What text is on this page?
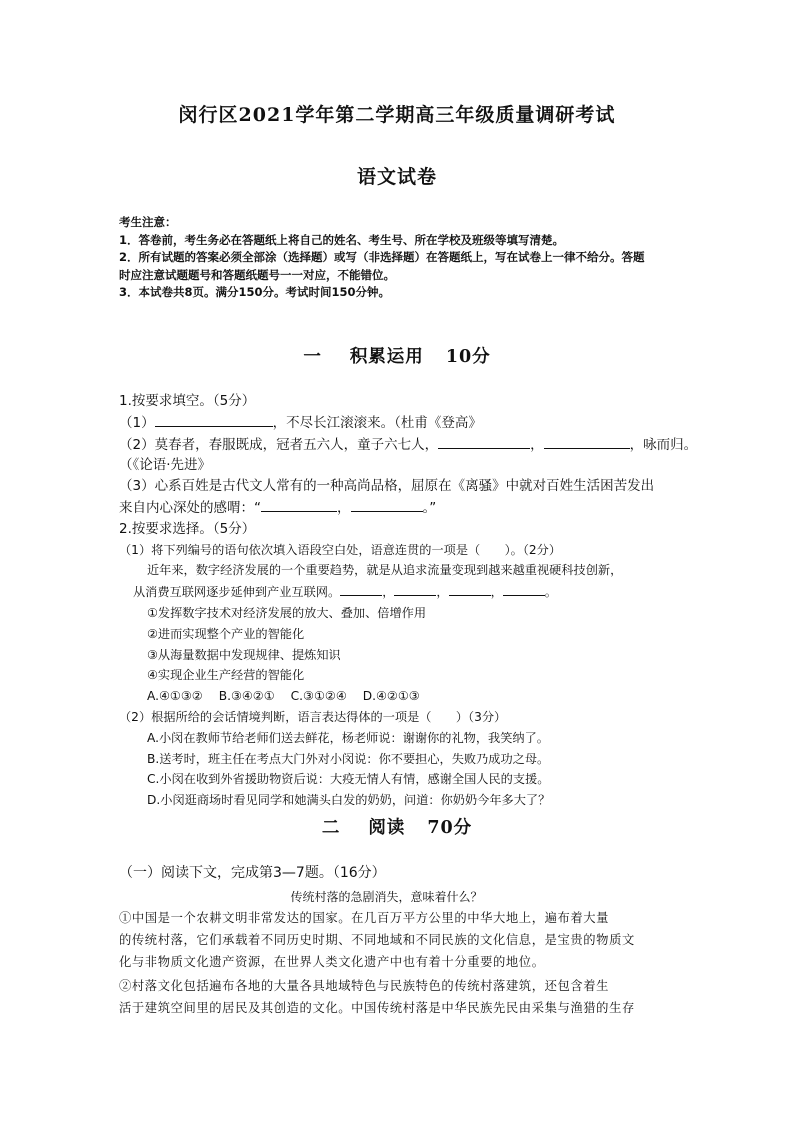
闵行区2021学年第二学期高三年级质量调研考试
语文试卷
考生注意：
1．答卷前，考生务必在答题纸上将自己的姓名、考生号、所在学校及班级等填写清楚。
2．所有试题的答案必须全部涂（选择题）或写（非选择题）在答题纸上，写在试卷上一律不给分。答题
时应注意试题题号和答题纸题号一一对应，不能错位。
3．本试卷共8页。满分150分。考试时间150分钟。
一 积累运用 10分
1.按要求填空。（5分）
（1）	，不尽长江滚滚来。（杜甫《登高》
（2）莫春者，春服既成，冠者五六人，童子六七人，	，	，咏而归。
（《论语·先进》
（3）心系百姓是古代文人常有的一种高尚品格，屈原在《离骚》中就对百姓生活困苦发出
来自内心深处的感喟：“	，	。”
2.按要求选择。（5分）
（1）将下列编号的语句依次填入语段空白处，语意连贯的一项是（　　）。（2分）
近年来，数字经济发展的一个重要趋势，就是从追求流量变现到越来越重视硬科技创新，
从消费互联网逐步延伸到产业互联网。	，	，	，	。
①发挥数字技术对经济发展的放大、叠加、倍增作用
②进而实现整个产业的智能化
③从海量数据中发现规律、提炼知识
④实现企业生产经营的智能化
A.④①③② B.③④②① C.③①②④ D.④②①③
（2）根据所给的会话情境判断，语言表达得体的一项是（　　）（3分）
A.小闵在教师节给老师们送去鲜花，杨老师说：谢谢你的礼物，我笑纳了。
B.送考时，班主任在考点大门外对小闵说：你不要担心，失败乃成功之母。
C.小闵在收到外省援助物资后说：大疫无情人有情，感谢全国人民的支援。
D.小闵逛商场时看见同学和她满头白发的奶奶，问道：你奶奶今年多大了？
二 阅读 70分
（一）阅读下文，完成第3—7题。（16分）
传统村落的急剧消失，意味着什么？
①中国是一个农耕文明非常发达的国家。在几百万平方公里的中华大地上，遍布着大量
的传统村落，它们承载着不同历史时期、不同地域和不同民族的文化信息，是宝贵的物质文
化与非物质文化遗产资源，在世界人类文化遗产中也有着十分重要的地位。
②村落文化包括遍布各地的大量各具地域特色与民族特色的传统村落建筑，还包含着生
活于建筑空间里的居民及其创造的文化。中国传统村落是中华民族先民由采集与渔猎的生存
